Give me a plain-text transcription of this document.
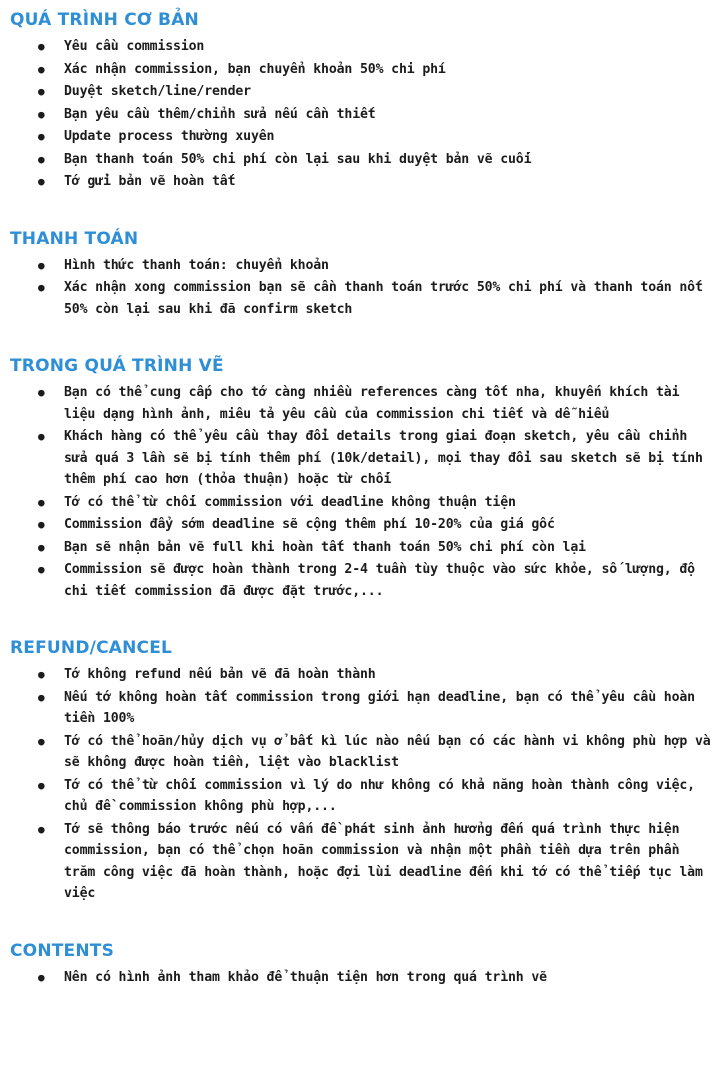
QUÁ TRÌNH CƠ BẢN
● Yêu cầu commission
● Xác nhận commission, bạn chuyển khoản 50% chi phí
● Duyệt sketch/line/render
● Bạn yêu cầu thêm/chỉnh sửa nếu cần thiết
● Update process thường xuyên
● Bạn thanh toán 50% chi phí còn lại sau khi duyệt bản vẽ cuối
● Tớ gửi bản vẽ hoàn tất
THANH TOÁN
● Hình thức thanh toán: chuyển khoản
● Xác nhận xong commission bạn sẽ cần thanh toán trước 50% chi phí và thanh toán nốt 50% còn lại sau khi đã confirm sketch
TRONG QUÁ TRÌNH VẼ
● Bạn có thể cung cấp cho tớ càng nhiều references càng tốt nha, khuyến khích tài liệu dạng hình ảnh, miêu tả yêu cầu của commission chi tiết và dễ hiểu
● Khách hàng có thể yêu cầu thay đổi details trong giai đoạn sketch, yêu cầu chỉnh sửa quá 3 lần sẽ bị tính thêm phí (10k/detail), mọi thay đổi sau sketch sẽ bị tính thêm phí cao hơn (thỏa thuận) hoặc từ chối
● Tớ có thể từ chối commission với deadline không thuận tiện
● Commission đẩy sớm deadline sẽ cộng thêm phí 10-20% của giá gốc
● Bạn sẽ nhận bản vẽ full khi hoàn tất thanh toán 50% chi phí còn lại
● Commission sẽ được hoàn thành trong 2-4 tuần tùy thuộc vào sức khỏe, số lượng, độ chi tiết commission đã được đặt trước,...
REFUND/CANCEL
● Tớ không refund nếu bản vẽ đã hoàn thành
● Nếu tớ không hoàn tất commission trong giới hạn deadline, bạn có thể yêu cầu hoàn tiền 100%
● Tớ có thể hoãn/hủy dịch vụ ở bất kì lúc nào nếu bạn có các hành vi không phù hợp và sẽ không được hoàn tiền, liệt vào blacklist
● Tớ có thể từ chối commission vì lý do như không có khả năng hoàn thành công việc, chủ đề commission không phù hợp,...
● Tớ sẽ thông báo trước nếu có vấn đề phát sinh ảnh hưởng đến quá trình thực hiện commission, bạn có thể chọn hoãn commission và nhận một phần tiền dựa trên phần trăm công việc đã hoàn thành, hoặc đợi lùi deadline đến khi tớ có thể tiếp tục làm việc
CONTENTS
● Nên có hình ảnh tham khảo để thuận tiện hơn trong quá trình vẽ
